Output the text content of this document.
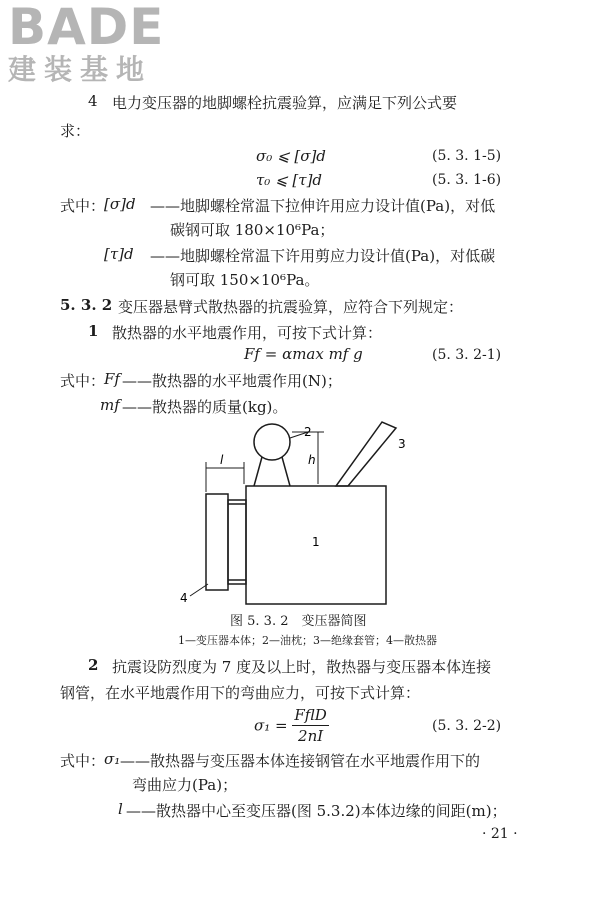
BADE
建装基地
4 电力变压器的地脚螺栓抗震验算，应满足下列公式要
求：
σ₀ ⩽ [σ]d	(5. 3. 1-5)
τ₀ ⩽ [τ]d	(5. 3. 1-6)
式中：
[σ]d ——地脚螺栓常温下拉伸许用应力设计值(Pa)，对低
碳钢可取 180×10⁶Pa；
[τ]d ——地脚螺栓常温下许用剪应力设计值(Pa)，对低碳
钢可取 150×10⁶Pa。
5. 3. 2 变压器悬臂式散热器的抗震验算，应符合下列规定：
1 散热器的水平地震作用，可按下式计算：
Ff = αmax mf g	(5. 3. 2-1)
式中：
Ff ——散热器的水平地震作用(N)；
mf ——散热器的质量(kg)。
l	h
1
2
3
4
图 5. 3. 2　变压器简图
1—变压器本体；2—油枕；3—绝缘套管；4—散热器
2 抗震设防烈度为 7 度及以上时，散热器与变压器本体连接
钢管，在水平地震作用下的弯曲应力，可按下式计算：
$\sigma_1 = \frac{\text{FflD}}{2nI}$	(5. 3. 2-2)
式中：
σ₁ ——散热器与变压器本体连接钢管在水平地震作用下的
弯曲应力(Pa)；
l ——散热器中心至变压器(图 5.3.2)本体边缘的间距(m)；
· 21 ·
